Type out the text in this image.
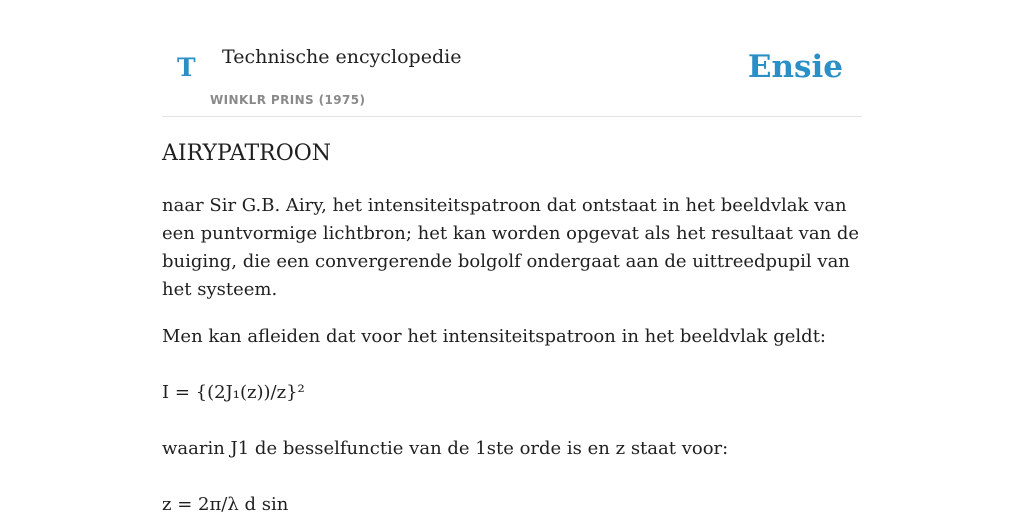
T Technische encyclopedie
WINKLR PRINS (1975)
Ensie
AIRYPATROON

naar Sir G.B. Airy, het intensiteitspatroon dat ontstaat in het beeldvlak van een puntvormige lichtbron; het kan worden opgevat als het resultaat van de buiging, die een convergerende bolgolf ondergaat aan de uittreedpupil van het systeem.

Men kan afleiden dat voor het intensiteitspatroon in het beeldvlak geldt:

I = {(2J₁(z))/z}²

waarin J1 de besselfunctie van de 1ste orde is en z staat voor:

z = 2π/λ d sin
